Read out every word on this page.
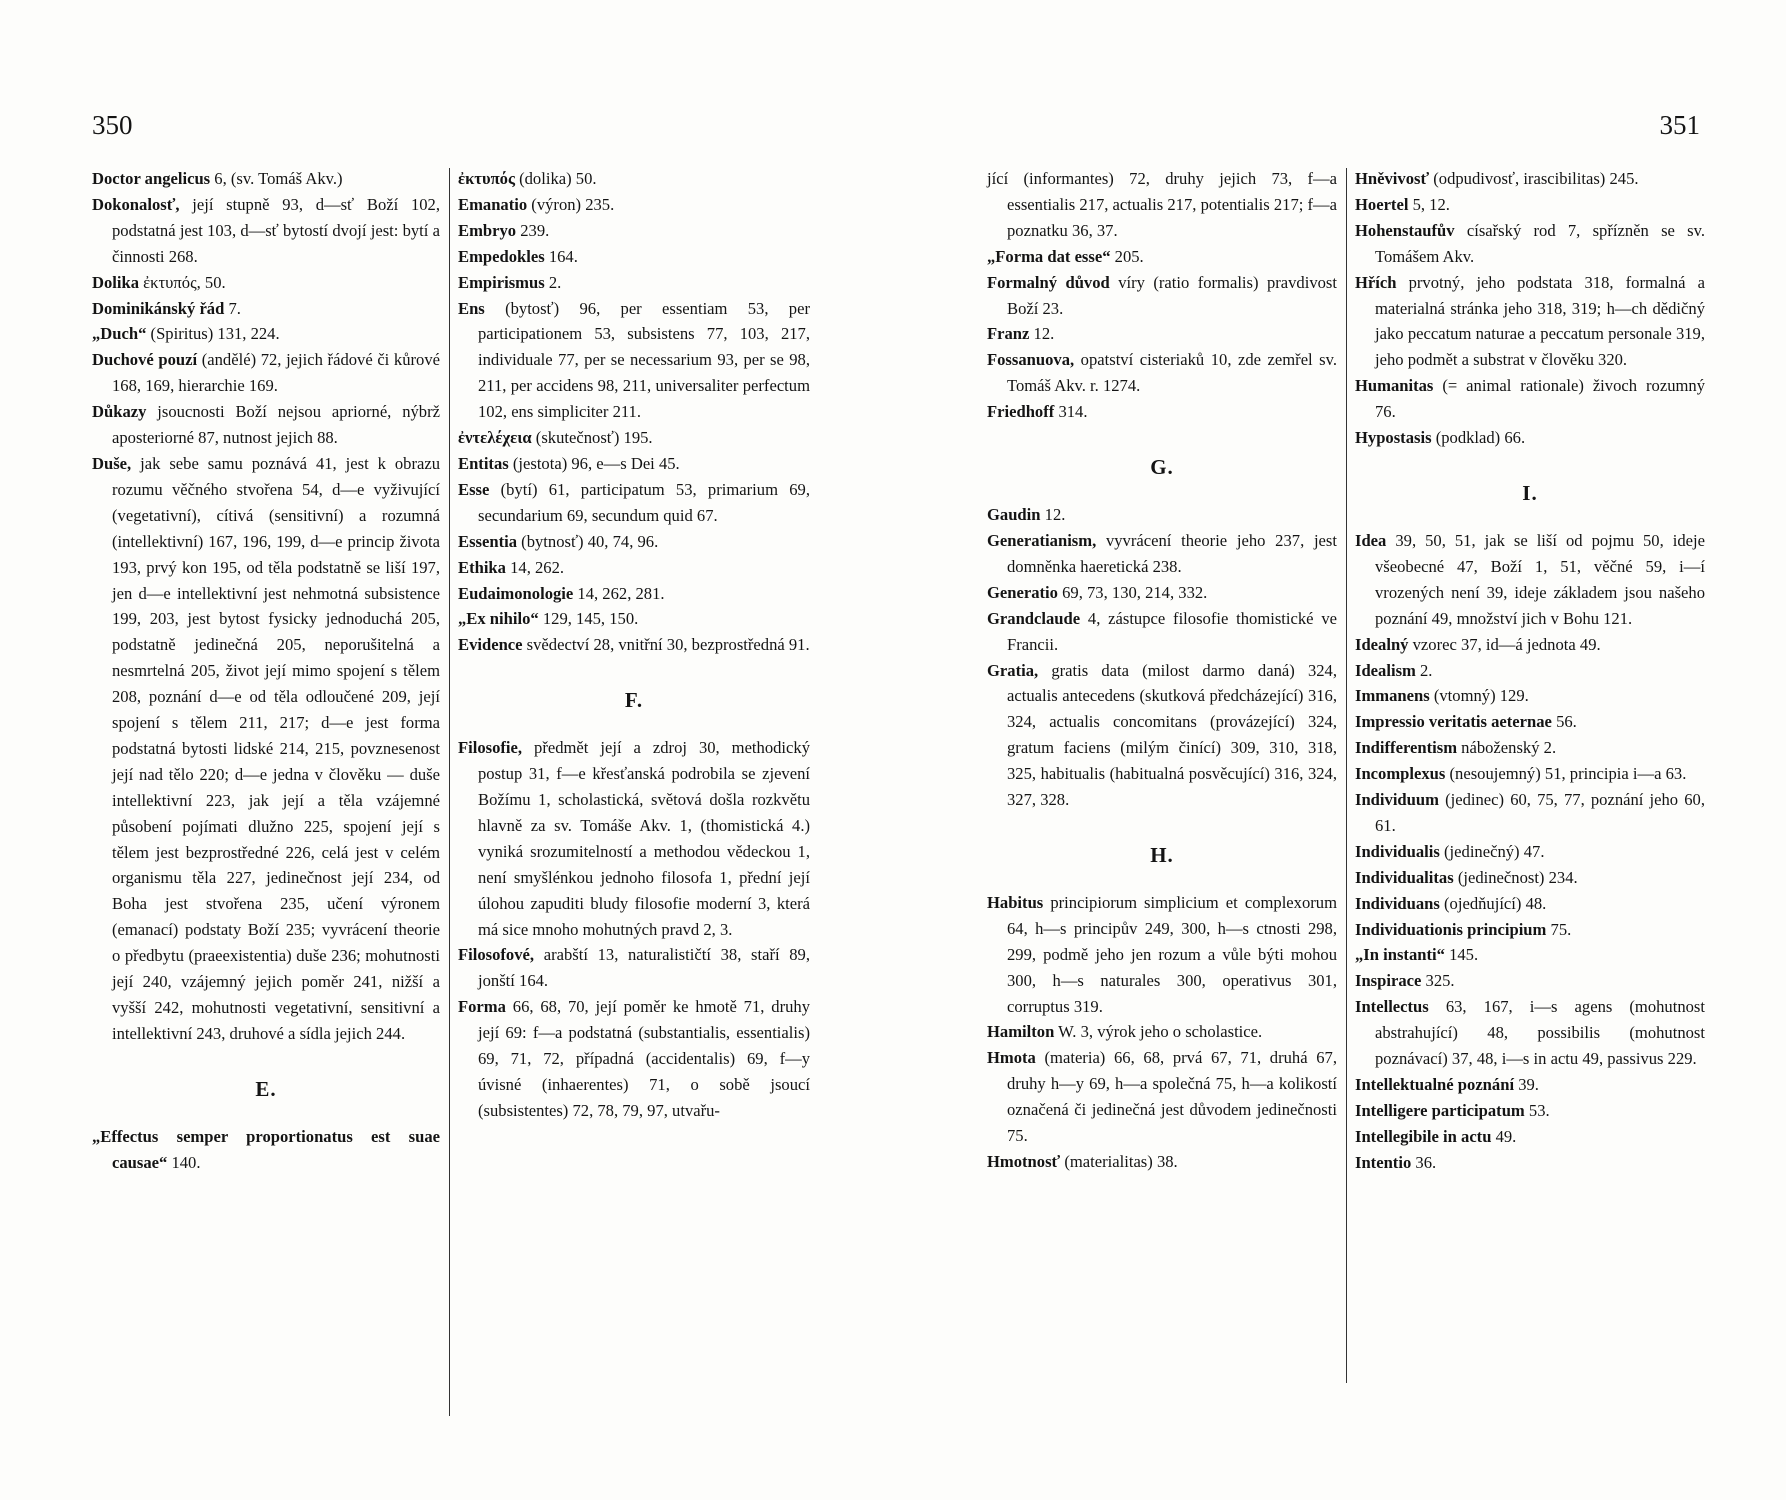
350

Doctor angelicus 6, (sv. Tomáš Akv.)

Dokonalosť, její stupně 93, d—sť Boží 102, podstatná jest 103, d—sť bytostí dvojí jest: bytí a činnosti 268.

Dolika ἐκτυπός, 50.

Dominikánský řád 7.

„Duch“ (Spiritus) 131, 224.

Duchové pouzí (andělé) 72, jejich řádové či kůrové 168, 169, hierarchie 169.

Důkazy jsoucnosti Boží nejsou apriorné, nýbrž aposteriorné 87, nutnost jejich 88.

Duše, jak sebe samu poznává 41, jest k obrazu rozumu věčného stvořena 54, d—e vyživující (vegetativní), cítivá (sensitivní) a rozumná (intellektivní) 167, 196, 199, d—e princip života 193, prvý kon 195, od těla podstatně se liší 197, jen d—e intellektivní jest nehmotná subsistence 199, 203, jest bytost fysicky jednoduchá 205, podstatně jedinečná 205, neporušitelná a nesmrtelná 205, život její mimo spojení s tělem 208, poznání d—e od těla odloučené 209, její spojení s tělem 211, 217; d—e jest forma podstatná bytosti lidské 214, 215, povznesenost její nad tělo 220; d—e jedna v člověku — duše intellektivní 223, jak její a těla vzájemné působení pojímati dlužno 225, spojení její s tělem jest bezprostředné 226, celá jest v celém organismu těla 227, jedinečnost její 234, od Boha jest stvořena 235, učení výronem (emanací) podstaty Boží 235; vyvrácení theorie o předbytu (praeexistentia) duše 236; mohutnosti její 240, vzájemný jejich poměr 241, nižší a vyšší 242, mohutnosti vegetativní, sensitivní a intellektivní 243, druhové a sídla jejich 244.

E.

„Effectus semper proportionatus est suae causae“ 140.

ἐκτυπός (dolika) 50.

Emanatio (výron) 235.

Embryo 239.

Empedokles 164.

Empirismus 2.

Ens (bytosť) 96, per essentiam 53, per participationem 53, subsistens 77, 103, 217, individuale 77, per se necessarium 93, per se 98, 211, per accidens 98, 211, universaliter perfectum 102, ens simpliciter 211.

ἐντελέχεια (skutečnosť) 195.

Entitas (jestota) 96, e—s Dei 45.

Esse (bytí) 61, participatum 53, primarium 69, secundarium 69, secundum quid 67.

Essentia (bytnosť) 40, 74, 96.

Ethika 14, 262.

Eudaimonologie 14, 262, 281.

„Ex nihilo“ 129, 145, 150.

Evidence svědectví 28, vnitřní 30, bezprostředná 91.

F.

Filosofie, předmět její a zdroj 30, methodický postup 31, f—e křesťanská podrobila se zjevení Božímu 1, scholastická, světová došla rozkvětu hlavně za sv. Tomáše Akv. 1, (thomistická 4.) vyniká srozumitelností a methodou vědeckou 1, není smyšlénkou jednoho filosofa 1, přední její úlohou zapuditi bludy filosofie moderní 3, která má sice mnoho mohutných pravd 2, 3.

Filosofové, arabští 13, naturalističtí 38, staří 89, jonští 164.

Forma 66, 68, 70, její poměr ke hmotě 71, druhy její 69: f—a podstatná (substantialis, essentialis) 69, 71, 72, případná (accidentalis) 69, f—y úvisné (inhaerentes) 71, o sobě jsoucí (subsistentes) 72, 78, 79, 97, utvařu-

351

jící (informantes) 72, druhy jejich 73, f—a essentialis 217, actualis 217, potentialis 217; f—a poznatku 36, 37.

„Forma dat esse“ 205.

Formalný důvod víry (ratio formalis) pravdivost Boží 23.

Franz 12.

Fossanuova, opatství cisteriaků 10, zde zemřel sv. Tomáš Akv. r. 1274.

Friedhoff 314.

G.

Gaudin 12.

Generatianism, vyvrácení theorie jeho 237, jest domněnka haeretická 238.

Generatio 69, 73, 130, 214, 332.

Grandclaude 4, zástupce filosofie thomistické ve Francii.

Gratia, gratis data (milost darmo daná) 324, actualis antecedens (skutková předcházející) 316, 324, actualis concomitans (provázející) 324, gratum faciens (milým činící) 309, 310, 318, 325, habitualis (habitualná posvěcující) 316, 324, 327, 328.

H.

Habitus principiorum simplicium et complexorum 64, h—s principův 249, 300, h—s ctnosti 298, 299, podmě jeho jen rozum a vůle býti mohou 300, h—s naturales 300, operativus 301, corruptus 319.

Hamilton W. 3, výrok jeho o scholastice.

Hmota (materia) 66, 68, prvá 67, 71, druhá 67, druhy h—y 69, h—a společná 75, h—a kolikostí označená či jedinečná jest důvodem jedinečnosti 75.

Hmotnosť (materialitas) 38.

Hněvivosť (odpudivosť, irascibilitas) 245.

Hoertel 5, 12.

Hohenstaufův císařský rod 7, spřízněn se sv. Tomášem Akv.

Hřích prvotný, jeho podstata 318, formalná a materialná stránka jeho 318, 319; h—ch dědičný jako peccatum naturae a peccatum personale 319, jeho podmět a substrat v člověku 320.

Humanitas (= animal rationale) živoch rozumný 76.

Hypostasis (podklad) 66.

I.

Idea 39, 50, 51, jak se liší od pojmu 50, ideje všeobecné 47, Boží 1, 51, věčné 59, i—í vrozených není 39, ideje základem jsou našeho poznání 49, množství jich v Bohu 121.

Idealný vzorec 37, id—á jednota 49.

Idealism 2.

Immanens (vtomný) 129.

Impressio veritatis aeternae 56.

Indifferentism náboženský 2.

Incomplexus (nesoujemný) 51, principia i—a 63.

Individuum (jedinec) 60, 75, 77, poznání jeho 60, 61.

Individualis (jedinečný) 47.

Individualitas (jedinečnost) 234.

Individuans (ojedňující) 48.

Individuationis principium 75.

„In instanti“ 145.

Inspirace 325.

Intellectus 63, 167, i—s agens (mohutnost abstrahující) 48, possibilis (mohutnost poznávací) 37, 48, i—s in actu 49, passivus 229.

Intellektualné poznání 39.

Intelligere participatum 53.

Intellegibile in actu 49.

Intentio 36.
